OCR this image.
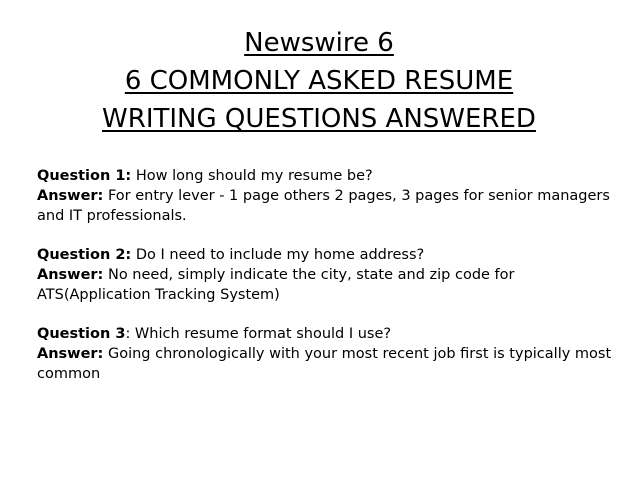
Newswire 6
6 COMMONLY ASKED RESUME
WRITING QUESTIONS ANSWERED
Question 1: How long should my resume be?
Answer: For entry lever - 1 page others 2 pages, 3 pages for senior managers and IT professionals.
Question 2: Do I need to include my home address?
Answer: No need, simply indicate the city, state and zip code for ATS(Application Tracking System)
Question 3: Which resume format should I use?
Answer: Going chronologically with your most recent job first is typically most common
